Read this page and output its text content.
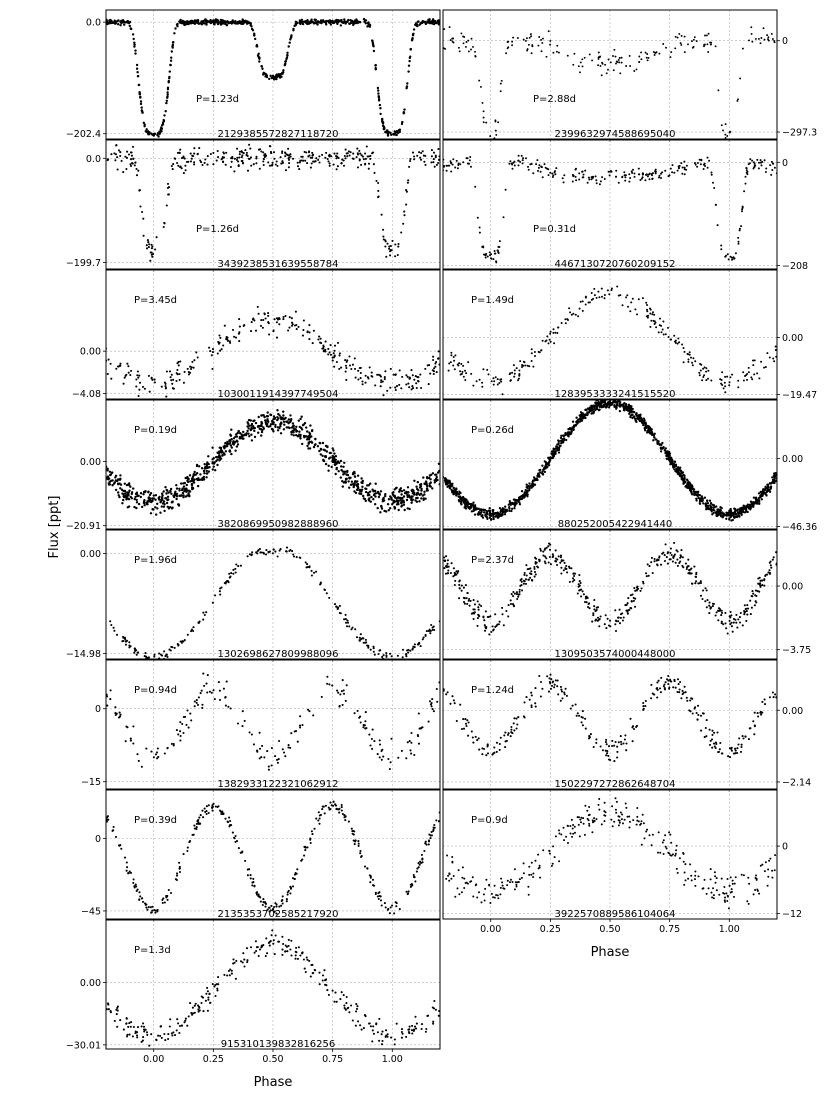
0.0
−202.4
P=1.23d
2129385572827118720
0
−297.3
P=2.88d
2399632974588695040
0.0
−199.7
P=1.26d
3439238531639558784
0
−208
P=0.31d
4467130720760209152
0.00
−4.08
P=3.45d
1030011914397749504
0.00
−19.47
P=1.49d
1283953333241515520
0.00
−20.91
P=0.19d
3820869950982888960
0.00
−46.36
P=0.26d
880252005422941440
0.00
−14.98
P=1.96d
1302698627809988096
0.00
−3.75
P=2.37d
1309503574000448000
0
−15
P=0.94d
1382933122321062912
0.00
−2.14
P=1.24d
1502297272862648704
0
−45
P=0.39d
2135353702585217920
0
−12
0.00	0.25	0.50	0.75	1.00
P=0.9d
3922570889586104064
0.00
−30.01
0.00	0.25	0.50	0.75	1.00
P=1.3d
915310139832816256
Flux [ppt]
Phase
Phase
